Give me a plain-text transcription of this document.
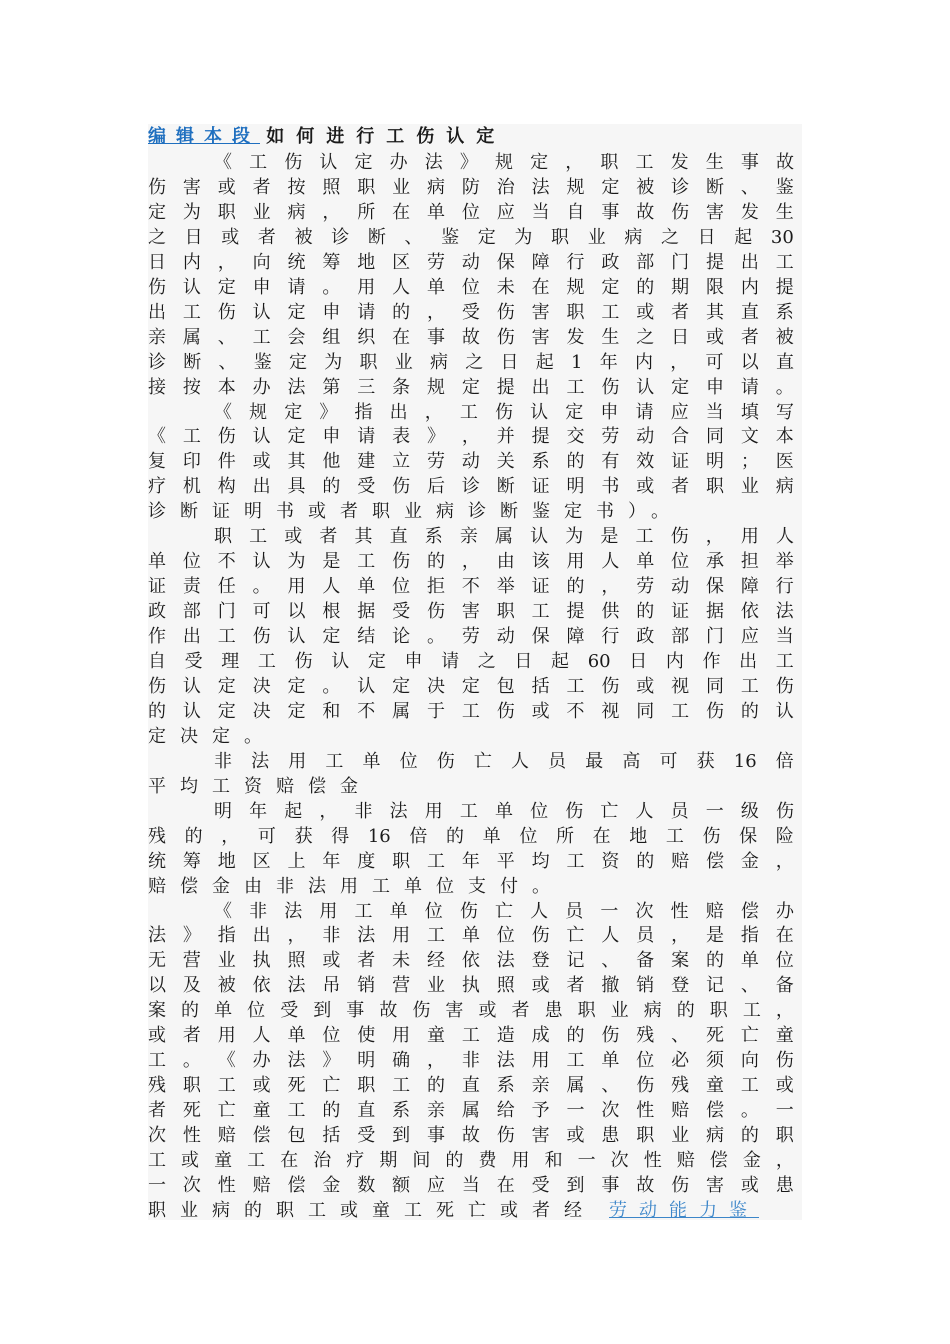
编辑本段 如何进行工伤认定
《 工 伤 认 定 办 法 》 规 定 ， 职 工 发 生 事 故
伤 害 或 者 按 照 职 业 病 防 治 法 规 定 被 诊 断 、 鉴
定 为 职 业 病 ， 所 在 单 位 应 当 自 事 故 伤 害 发 生
之 日 或 者 被 诊 断 、 鉴 定 为 职 业 病 之 日 起 30
日 内 ， 向 统 筹 地 区 劳 动 保 障 行 政 部 门 提 出 工
伤 认 定 申 请 。 用 人 单 位 未 在 规 定 的 期 限 内 提
出 工 伤 认 定 申 请 的 ， 受 伤 害 职 工 或 者 其 直 系
亲 属 、 工 会 组 织 在 事 故 伤 害 发 生 之 日 或 者 被
诊 断 、 鉴 定 为 职 业 病 之 日 起 1 年 内 ， 可 以 直
接 按 本 办 法 第 三 条 规 定 提 出 工 伤 认 定 申 请 。
《 规 定 》 指 出 ， 工 伤 认 定 申 请 应 当 填 写
《 工 伤 认 定 申 请 表 》 ， 并 提 交 劳 动 合 同 文 本
复 印 件 或 其 他 建 立 劳 动 关 系 的 有 效 证 明 ； 医
疗 机 构 出 具 的 受 伤 后 诊 断 证 明 书 或 者 职 业 病
诊断证明书或者职业病诊断鉴定书）。
职 工 或 者 其 直 系 亲 属 认 为 是 工 伤 ， 用 人
单 位 不 认 为 是 工 伤 的 ， 由 该 用 人 单 位 承 担 举
证 责 任 。 用 人 单 位 拒 不 举 证 的 ， 劳 动 保 障 行
政 部 门 可 以 根 据 受 伤 害 职 工 提 供 的 证 据 依 法
作 出 工 伤 认 定 结 论 。 劳 动 保 障 行 政 部 门 应 当
自 受 理 工 伤 认 定 申 请 之 日 起 60 日 内 作 出 工
伤 认 定 决 定 。 认 定 决 定 包 括 工 伤 或 视 同 工 伤
的 认 定 决 定 和 不 属 于 工 伤 或 不 视 同 工 伤 的 认
定决定。
非 法 用 工 单 位 伤 亡 人 员 最 高 可 获 16 倍
平均工资赔偿金
明 年 起 ， 非 法 用 工 单 位 伤 亡 人 员 一 级 伤
残 的 ， 可 获 得 16 倍 的 单 位 所 在 地 工 伤 保 险
统 筹 地 区 上 年 度 职 工 年 平 均 工 资 的 赔 偿 金 ，
赔偿金由非法用工单位支付。
《 非 法 用 工 单 位 伤 亡 人 员 一 次 性 赔 偿 办
法 》 指 出 ， 非 法 用 工 单 位 伤 亡 人 员 ， 是 指 在
无 营 业 执 照 或 者 未 经 依 法 登 记 、 备 案 的 单 位
以 及 被 依 法 吊 销 营 业 执 照 或 者 撤 销 登 记 、 备
案 的 单 位 受 到 事 故 伤 害 或 者 患 职 业 病 的 职 工 ，
或 者 用 人 单 位 使 用 童 工 造 成 的 伤 残 、 死 亡 童
工 。 《 办 法 》 明 确 ， 非 法 用 工 单 位 必 须 向 伤
残 职 工 或 死 亡 职 工 的 直 系 亲 属 、 伤 残 童 工 或
者 死 亡 童 工 的 直 系 亲 属 给 予 一 次 性 赔 偿 。 一
次 性 赔 偿 包 括 受 到 事 故 伤 害 或 患 职 业 病 的 职
工 或 童 工 在 治 疗 期 间 的 费 用 和 一 次 性 赔 偿 金 ，
一 次 性 赔 偿 金 数 额 应 当 在 受 到 事 故 伤 害 或 患
职业病的职工或童工死亡或者经 劳动能力鉴
